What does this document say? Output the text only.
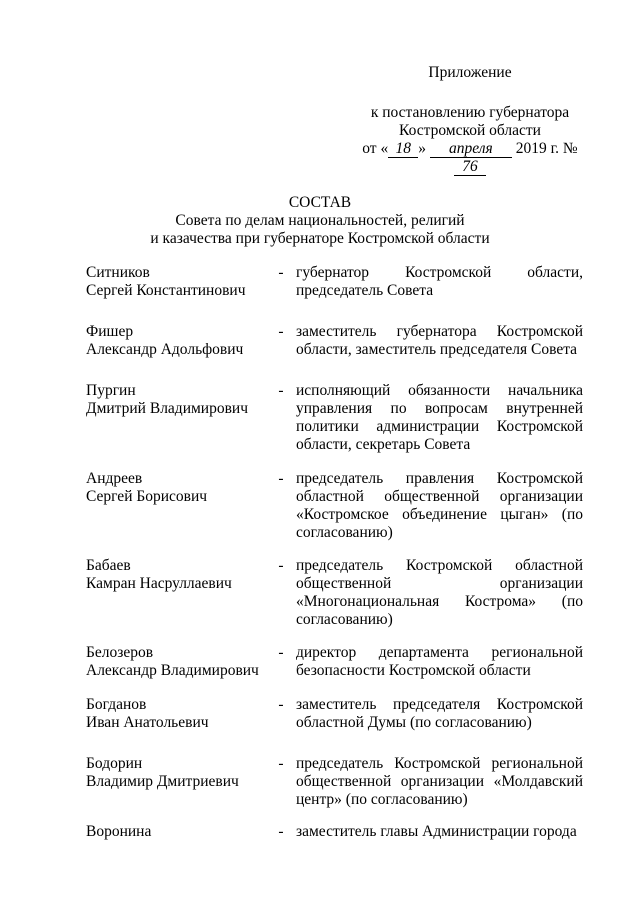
Приложение
к постановлению губернатора
Костромской области
от « 18 » апреля 2019 г. № 76
СОСТАВ
Совета по делам национальностей, религий
и казачества при губернаторе Костромской области
Ситников
Сергей Константинович
- губернатор Костромской области, председатель Совета
Фишер
Александр Адольфович
- заместитель губернатора Костромской области, заместитель председателя Совета
Пургин
Дмитрий Владимирович
- исполняющий обязанности начальника управления по вопросам внутренней политики администрации Костромской области, секретарь Совета
Андреев
Сергей Борисович
- председатель правления Костромской областной общественной организации «Костромское объединение цыган» (по согласованию)
Бабаев
Камран Насруллаевич
- председатель Костромской областной общественной организации «Многонациональная Кострома» (по согласованию)
Белозеров
Александр Владимирович
- директор департамента региональной безопасности Костромской области
Богданов
Иван Анатольевич
- заместитель председателя Костромской областной Думы (по согласованию)
Бодорин
Владимир Дмитриевич
- председатель Костромской региональной общественной организации «Молдавский центр» (по согласованию)
Воронина	- заместитель главы Администрации города
